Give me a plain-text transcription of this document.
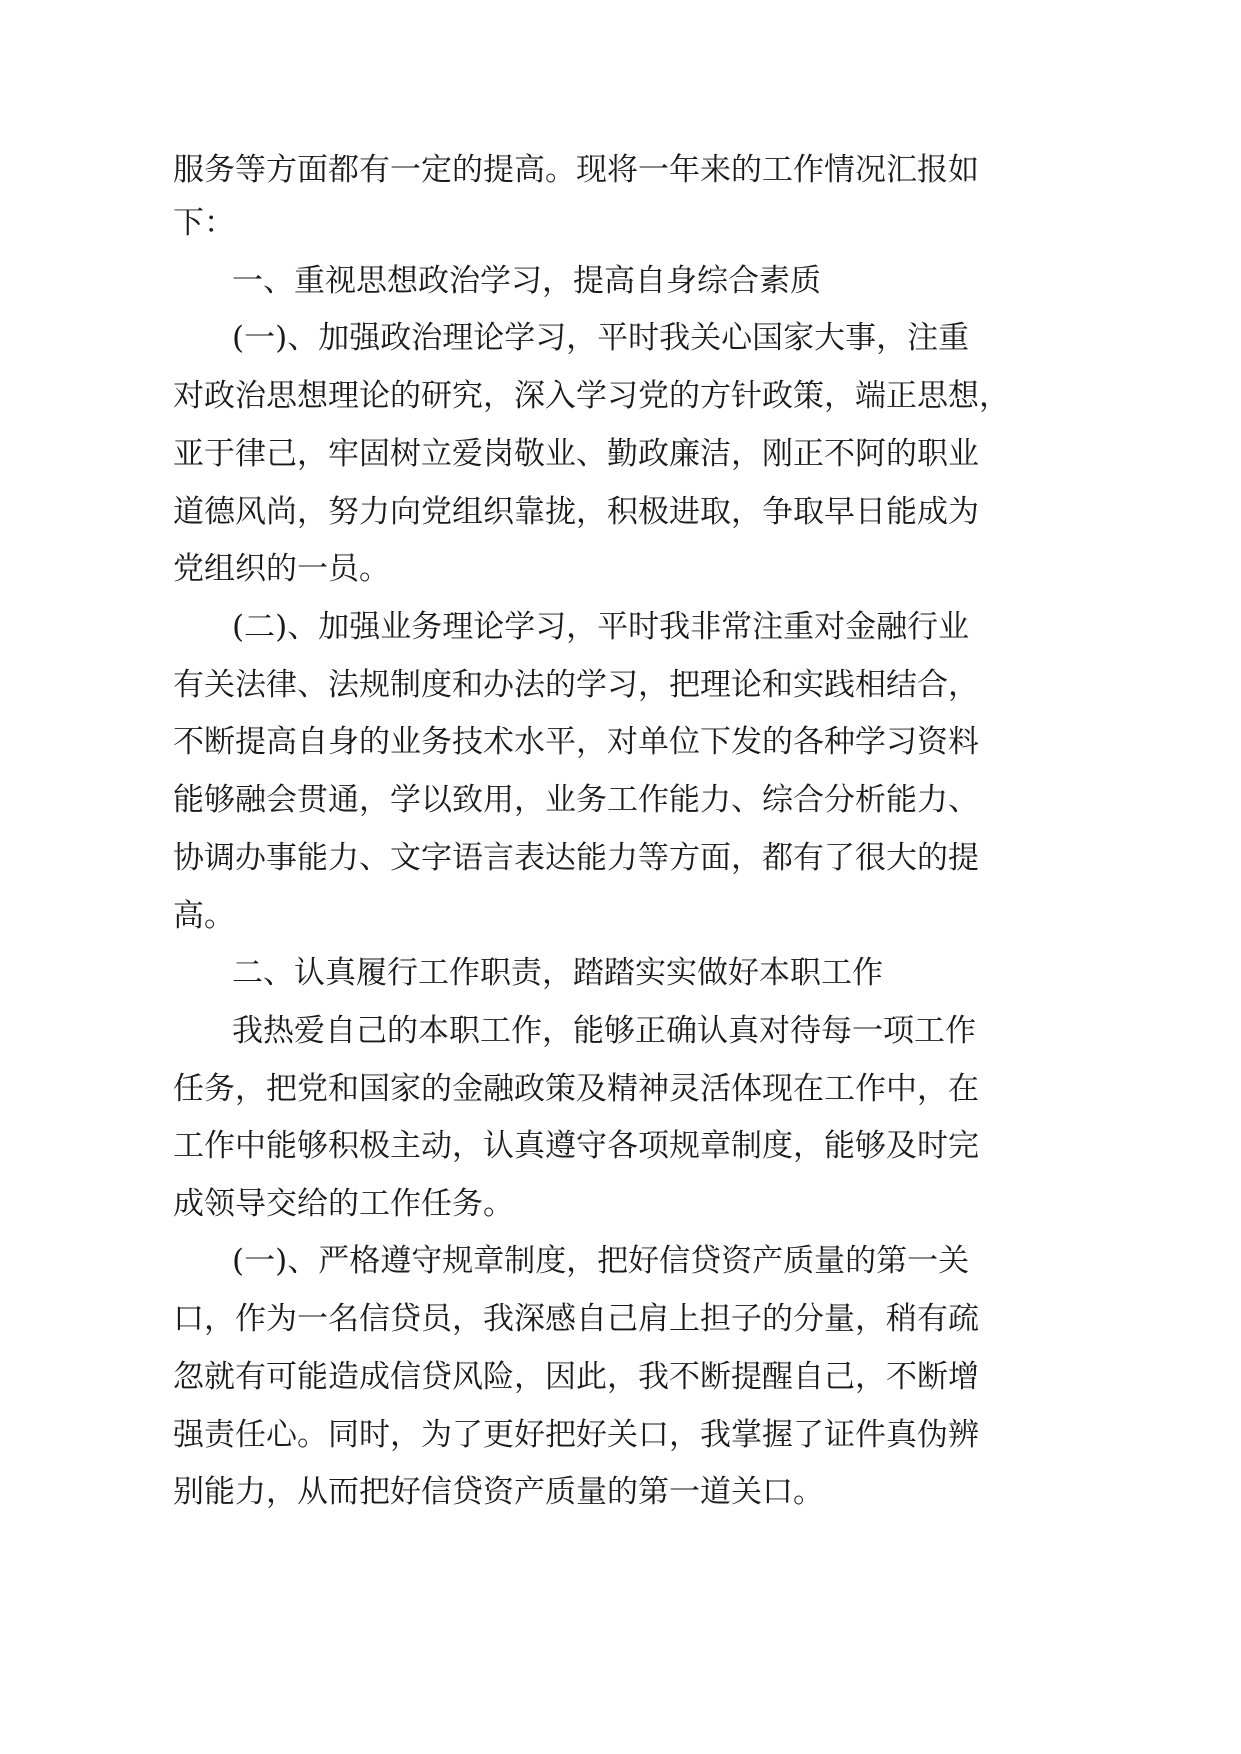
服务等方面都有一定的提高。现将一年来的工作情况汇报如
下：
一、重视思想政治学习，提高自身综合素质
(一)、加强政治理论学习，平时我关心国家大事，注重
对政治思想理论的研究，深入学习党的方针政策，端正思想，
亚于律己，牢固树立爱岗敬业、勤政廉洁，刚正不阿的职业
道德风尚，努力向党组织靠拢，积极进取，争取早日能成为
党组织的一员。
(二)、加强业务理论学习，平时我非常注重对金融行业
有关法律、法规制度和办法的学习，把理论和实践相结合，
不断提高自身的业务技术水平，对单位下发的各种学习资料
能够融会贯通，学以致用，业务工作能力、综合分析能力、
协调办事能力、文字语言表达能力等方面，都有了很大的提
高。
二、认真履行工作职责，踏踏实实做好本职工作
我热爱自己的本职工作，能够正确认真对待每一项工作
任务，把党和国家的金融政策及精神灵活体现在工作中，在
工作中能够积极主动，认真遵守各项规章制度，能够及时完
成领导交给的工作任务。
(一)、严格遵守规章制度，把好信贷资产质量的第一关
口，作为一名信贷员，我深感自己肩上担子的分量，稍有疏
忽就有可能造成信贷风险，因此，我不断提醒自己，不断增
强责任心。同时，为了更好把好关口，我掌握了证件真伪辨
别能力，从而把好信贷资产质量的第一道关口。
